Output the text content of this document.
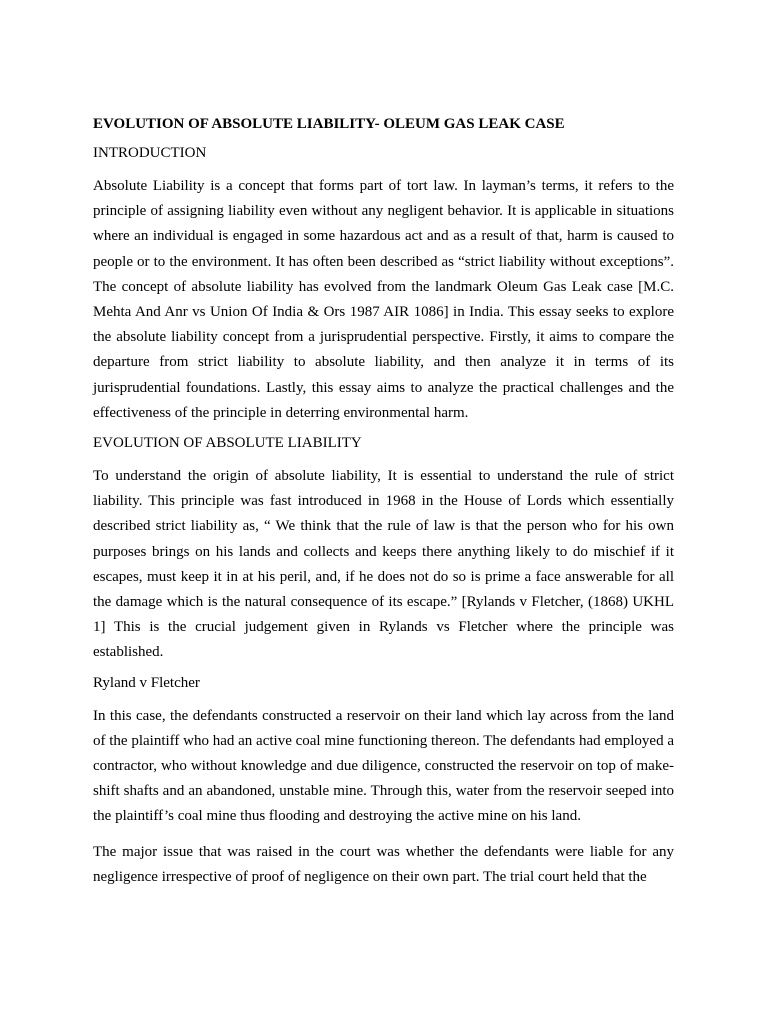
EVOLUTION OF ABSOLUTE LIABILITY- OLEUM GAS LEAK CASE

INTRODUCTION

Absolute Liability is a concept that forms part of tort law. In layman’s terms, it refers to the principle of assigning liability even without any negligent behavior. It is applicable in situations where an individual is engaged in some hazardous act and as a result of that, harm is caused to people or to the environment. It has often been described as “strict liability without exceptions”. The concept of absolute liability has evolved from the landmark Oleum Gas Leak case [M.C. Mehta And Anr vs Union Of India & Ors 1987 AIR 1086] in India. This essay seeks to explore the absolute liability concept from a jurisprudential perspective. Firstly, it aims to compare the departure from strict liability to absolute liability, and then analyze it in terms of its jurisprudential foundations. Lastly, this essay aims to analyze the practical challenges and the effectiveness of the principle in deterring environmental harm.

EVOLUTION OF ABSOLUTE LIABILITY

To understand the origin of absolute liability, It is essential to understand the rule of strict liability. This principle was fast introduced in 1968 in the House of Lords which essentially described strict liability as, “ We think that the rule of law is that the person who for his own purposes brings on his lands and collects and keeps there anything likely to do mischief if it escapes, must keep it in at his peril, and, if he does not do so is prime a face answerable for all the damage which is the natural consequence of its escape.” [Rylands v Fletcher, (1868) UKHL 1] This is the crucial judgement given in Rylands vs Fletcher where the principle was established.

Ryland v Fletcher

In this case, the defendants constructed a reservoir on their land which lay across from the land of the plaintiff who had an active coal mine functioning thereon. The defendants had employed a contractor, who without knowledge and due diligence, constructed the reservoir on top of make-shift shafts and an abandoned, unstable mine. Through this, water from the reservoir seeped into the plaintiff’s coal mine thus flooding and destroying the active mine on his land.

The major issue that was raised in the court was whether the defendants were liable for any negligence irrespective of proof of negligence on their own part. The trial court held that the
